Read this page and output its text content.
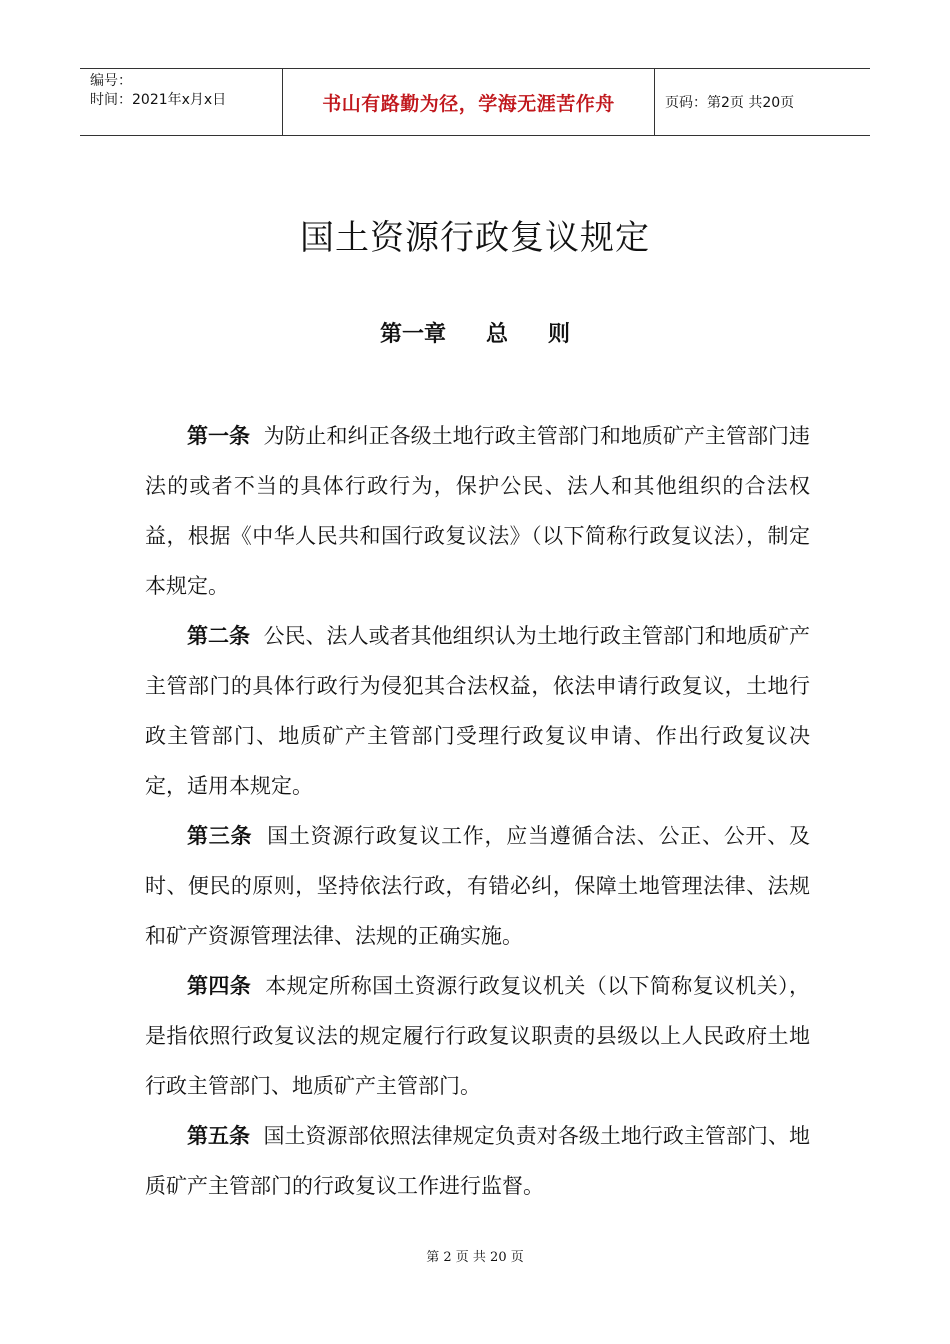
编号：
时间：2021年x月x日	书山有路勤为径，学海无涯苦作舟	页码：第2页 共20页
国土资源行政复议规定
第一章 总 则

第一条 为防止和纠正各级土地行政主管部门和地质矿产主管部门违法的或者不当的具体行政行为，保护公民、法人和其他组织的合法权益，根据《中华人民共和国行政复议法》（以下简称行政复议法），制定本规定。

第二条 公民、法人或者其他组织认为土地行政主管部门和地质矿产主管部门的具体行政行为侵犯其合法权益，依法申请行政复议，土地行政主管部门、地质矿产主管部门受理行政复议申请、作出行政复议决定，适用本规定。

第三条 国土资源行政复议工作，应当遵循合法、公正、公开、及时、便民的原则，坚持依法行政，有错必纠，保障土地管理法律、法规和矿产资源管理法律、法规的正确实施。

第四条 本规定所称国土资源行政复议机关（以下简称复议机关），是指依照行政复议法的规定履行行政复议职责的县级以上人民政府土地行政主管部门、地质矿产主管部门。

第五条 国土资源部依照法律规定负责对各级土地行政主管部门、地质矿产主管部门的行政复议工作进行监督。

第 2 页 共 20 页
